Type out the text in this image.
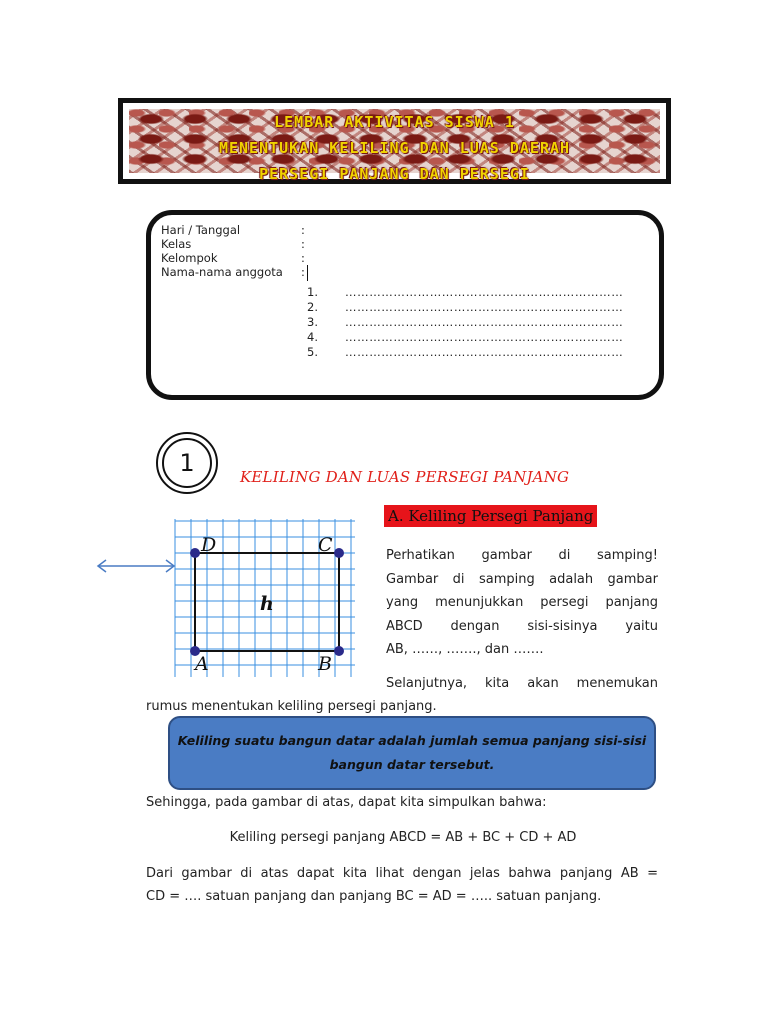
LEMBAR AKTIVITAS SISWA 1
MENENTUKAN KELILING DAN LUAS DAERAH
PERSEGI PANJANG DAN PERSEGI
Hari / Tanggal	:
Kelas	:
Kelompok	:
Nama-nama anggota :
1. ……………………………………………………………
2. ……………………………………………………………
3. ……………………………………………………………
4. ……………………………………………………………
5. ……………………………………………………………
1	KELILING DAN LUAS PERSEGI PANJANG
A. Keliling Persegi Panjang
A	B
C
D
h
Perhatikan gambar di samping!
Gambar di samping adalah gambar
yang menunjukkan persegi panjang
ABCD dengan sisi-sisinya yaitu
AB, ……, ……., dan …….
Selanjutnya, kita akan menemukan
rumus menentukan keliling persegi panjang.
Keliling suatu bangun datar adalah jumlah semua panjang sisi-sisi
bangun datar tersebut.
Sehingga, pada gambar di atas, dapat kita simpulkan bahwa:
Keliling persegi panjang ABCD = AB + BC + CD + AD
Dari gambar di atas dapat kita lihat dengan jelas bahwa panjang AB =
CD = …. satuan panjang dan panjang BC = AD = ….. satuan panjang.
